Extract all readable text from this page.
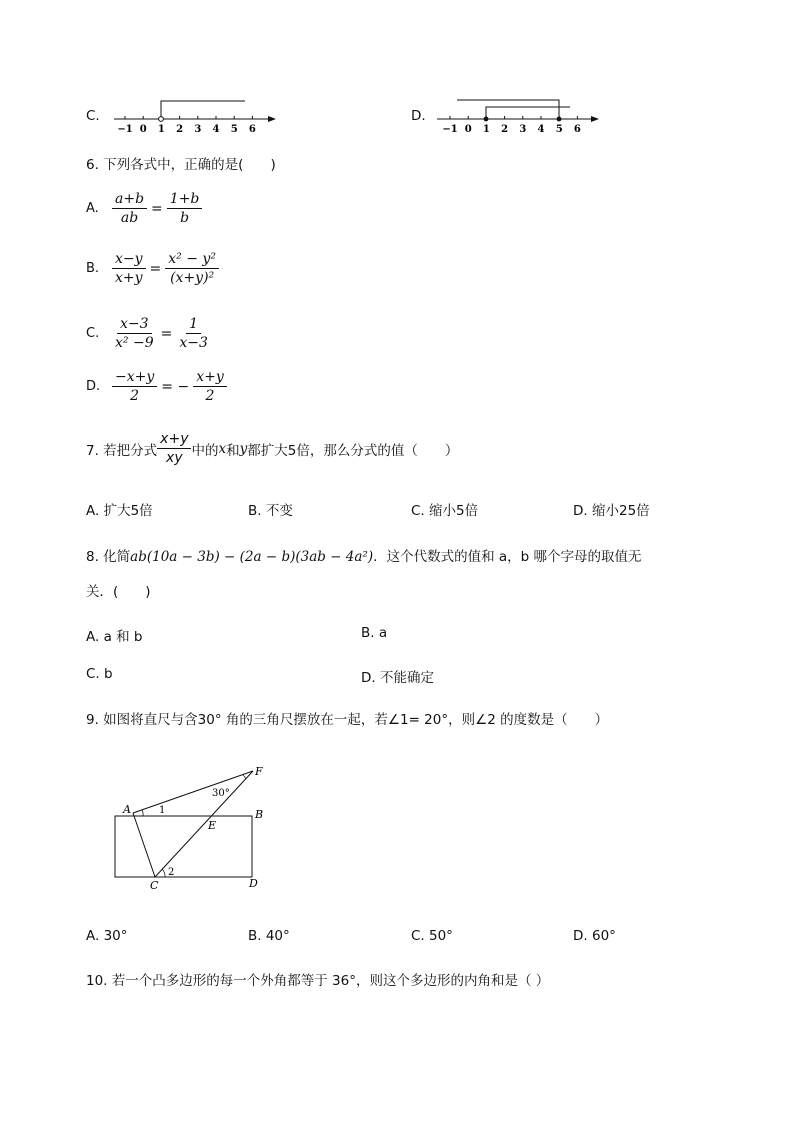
C.
−1 0 1 2 3 4 5 6
D.
−1 0 1 2 3 4 5 6
6. 下列各式中，正确的是(　　)
A. $\frac{a+b}{ab} = \frac{1+b}{b}$
B. $\frac{x-y}{x+y} = \frac{\text{x² − y²}}{\text{(x+y)²}}$
C. $\frac{x-3}{\text{x² −9}} = \frac{1}{x-3}$
D. $\frac{-x+y}{2}$ = − $\frac{x+y}{2}$
7. 若把分式 $\frac{x+y}{xy}$ 中的 x 和 y 都扩大5倍，那么分式的值（　　）
A. 扩大5倍	B. 不变	C. 缩小5倍	D. 缩小25倍
8. 化简ab(10a − 3b) − (2a − b)(3ab − 4a²)．这个代数式的值和 a，b 哪个字母的取值无
关．(　　)
A. a 和 b	B. a
C. b	D. 不能确定
9. 如图将直尺与含30° 角的三角尺摆放在一起，若∠1= 20°，则∠2 的度数是（　　）
A	B
C	D
E
F
1
2
30°
A. 30°	B. 40°	C. 50°	D. 60°
10. 若一个凸多边形的每一个外角都等于 36°，则这个多边形的内角和是（ ）
